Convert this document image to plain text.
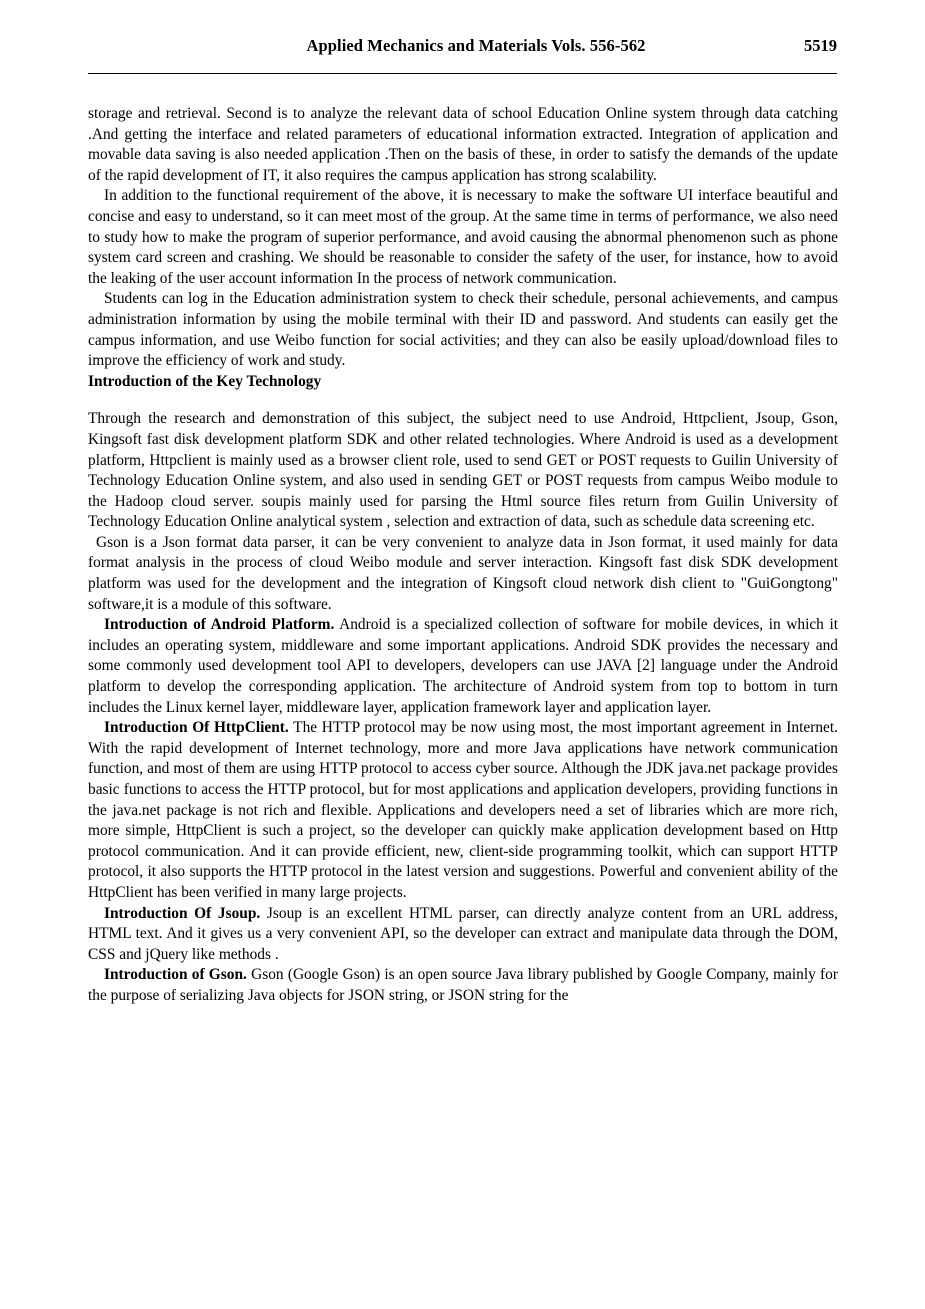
Applied Mechanics and Materials Vols. 556-562	5519

storage and retrieval. Second is to analyze the relevant data of school Education Online system through data catching .And getting the interface and related parameters of educational information extracted. Integration of application and movable data saving is also needed application .Then on the basis of these, in order to satisfy the demands of the update of the rapid development of IT, it also requires the campus application has strong scalability.

In addition to the functional requirement of the above, it is necessary to make the software UI interface beautiful and concise and easy to understand, so it can meet most of the group. At the same time in terms of performance, we also need to study how to make the program of superior performance, and avoid causing the abnormal phenomenon such as phone system card screen and crashing. We should be reasonable to consider the safety of the user, for instance, how to avoid the leaking of the user account information In the process of network communication.

Students can log in the Education administration system to check their schedule, personal achievements, and campus administration information by using the mobile terminal with their ID and password. And students can easily get the campus information, and use Weibo function for social activities; and they can also be easily upload/download files to improve the efficiency of work and study.

Introduction of the Key Technology

Through the research and demonstration of this subject, the subject need to use Android, Httpclient, Jsoup, Gson, Kingsoft fast disk development platform SDK and other related technologies. Where Android is used as a development platform, Httpclient is mainly used as a browser client role, used to send GET or POST requests to Guilin University of Technology Education Online system, and also used in sending GET or POST requests from campus Weibo module to the Hadoop cloud server. soupis mainly used for parsing the Html source files return from Guilin University of Technology Education Online analytical system , selection and extraction of data, such as schedule data screening etc.

Gson is a Json format data parser, it can be very convenient to analyze data in Json format, it used mainly for data format analysis in the process of cloud Weibo module and server interaction. Kingsoft fast disk SDK development platform was used for the development and the integration of Kingsoft cloud network dish client to "GuiGongtong" software,it is a module of this software.

Introduction of Android Platform. Android is a specialized collection of software for mobile devices, in which it includes an operating system, middleware and some important applications. Android SDK provides the necessary and some commonly used development tool API to developers, developers can use JAVA [2] language under the Android platform to develop the corresponding application. The architecture of Android system from top to bottom in turn includes the Linux kernel layer, middleware layer, application framework layer and application layer.

Introduction Of HttpClient. The HTTP protocol may be now using most, the most important agreement in Internet. With the rapid development of Internet technology, more and more Java applications have network communication function, and most of them are using HTTP protocol to access cyber source. Although the JDK java.net package provides basic functions to access the HTTP protocol, but for most applications and application developers, providing functions in the java.net package is not rich and flexible. Applications and developers need a set of libraries which are more rich, more simple, HttpClient is such a project, so the developer can quickly make application development based on Http protocol communication. And it can provide efficient, new, client-side programming toolkit, which can support HTTP protocol, it also supports the HTTP protocol in the latest version and suggestions. Powerful and convenient ability of the HttpClient has been verified in many large projects.

Introduction Of Jsoup. Jsoup is an excellent HTML parser, can directly analyze content from an URL address, HTML text. And it gives us a very convenient API, so the developer can extract and manipulate data through the DOM, CSS and jQuery like methods .

Introduction of Gson. Gson (Google Gson) is an open source Java library published by Google Company, mainly for the purpose of serializing Java objects for JSON string, or JSON string for the
